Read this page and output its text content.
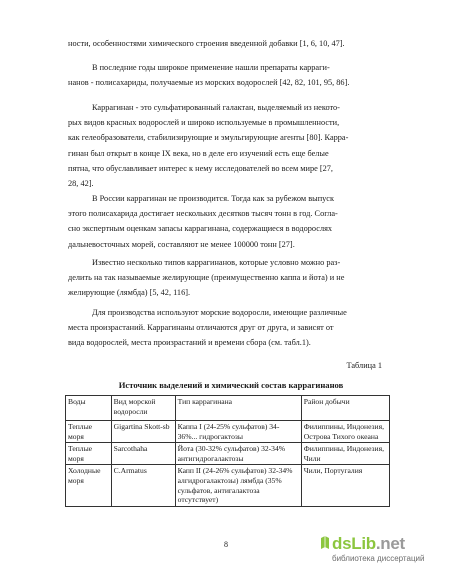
ности, особенностями химического строения введенной добавки [1, 6, 10, 47].

В последние годы широкое применение нашли препараты карраги-
нанов - полисахариды, получаемые из морских водорослей [42, 82, 101, 95, 86].

Каррагинан - это сульфатированный галактан, выделяемый из некото-
рых видов красных водорослей и широко используемые в промышленности,
как гелеобразователи, стабилизирующие и эмульгирующие агенты [80]. Карра-
гинан был открыт в конце IX века, но в деле его изучений есть еще белые
пятна, что обуславливает интерес к нему исследователей во всем мире [27,
28, 42].

В России каррагинан не производится. Тогда как за рубежом выпуск
этого полисахарида достигает нескольких десятков тысяч тонн в год. Согла-
сно экспертным оценкам запасы каррагинана, содержащиеся в водорослях
дальневосточных морей, составляют не менее 100000 тонн [27].

Известно несколько типов каррагинанов, которые условно можно раз-
делить на так называемые желирующие (преимущественно каппа и йота) и не
желирующие (лямбда) [5, 42, 116].

Для производства используют морские водоросли, имеющие различные
места произрастаний. Каррагинаны отличаются друг от друга, и зависят от
вида водорослей, места произрастаний и времени сбора (см. табл.1).

Таблица 1

Источник выделений и химический состав каррагинанов

Воды	Вид морской водоросли	Тип каррагинана	Район добычи
Теплые моря	Gigartina Skott-sb	Каппа I (24-25% сульфатов) 34-36%... гидрогактозы	Филиппины, Индонезия, Острова Тихого океана
Теплые моря	Sarcothaha	Йота (30-32% сульфатов) 32-34% антигидрогалактозы	Филиппины, Индонезия, Чили
Холодные моря	C.Armatus	Капп II (24-26% сульфатов) 32-34% алгидрогалактозы) лямбда (35% сульфатов, антигалактоза отсутствует)	Чили, Португалия

8	dsLib.net
библиотека диссертаций
